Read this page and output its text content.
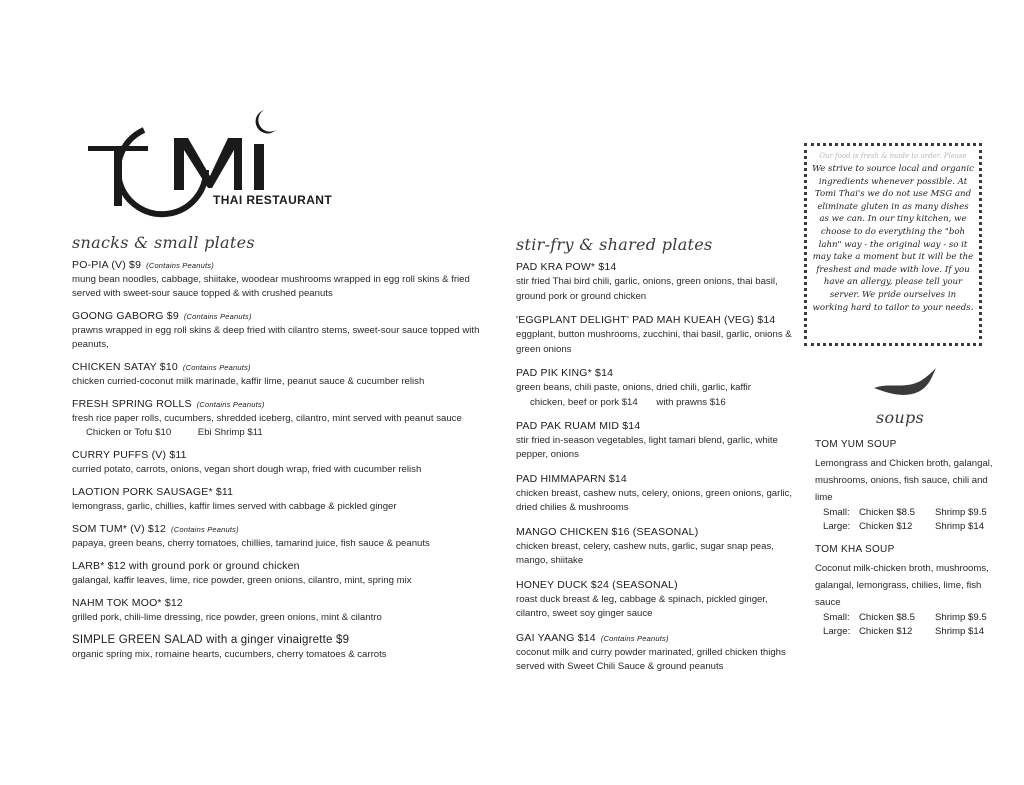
THAI RESTAURANT
snacks & small plates
PO-PIA (V) $9 (Contains Peanuts)
mung bean noodles, cabbage, shiitake, woodear mushrooms wrapped in egg roll skins & fried served with sweet-sour sauce topped & with crushed peanuts
GOONG GABORG $9 (Contains Peanuts)
prawns wrapped in egg roll skins & deep fried with cilantro stems, sweet-sour sauce topped with peanuts,
CHICKEN SATAY $10 (Contains Peanuts)
chicken curried-coconut milk marinade, kaffir lime, peanut sauce & cucumber relish
FRESH SPRING ROLLS (Contains Peanuts)
fresh rice paper rolls, cucumbers, shredded iceberg, cilantro, mint served with peanut sauce
Chicken or Tofu $10          Ebi Shrimp $11
CURRY PUFFS (V) $11
curried potato, carrots, onions, vegan short dough wrap, fried with cucumber relish
LAOTION PORK SAUSAGE* $11
lemongrass, garlic, chillies, kaffir limes served with cabbage & pickled ginger
SOM TUM* (V) $12 (Contains Peanuts)
papaya, green beans, cherry tomatoes, chillies, tamarind juice, fish sauce & peanuts
LARB* $12 with ground pork or ground chicken
galangal, kaffir leaves, lime, rice powder, green onions, cilantro, mint, spring mix
NAHM TOK MOO* $12
grilled pork, chili-lime dressing, rice powder, green onions, mint & cilantro
SIMPLE GREEN SALAD with a ginger vinaigrette $9
organic spring mix, romaine hearts, cucumbers, cherry tomatoes & carrots
stir-fry & shared plates
PAD KRA POW* $14
stir fried Thai bird chili, garlic, onions, green onions, thai basil, ground pork or ground chicken
'EGGPLANT DELIGHT' PAD MAH KUEAH (VEG) $14
eggplant, button mushrooms, zucchini, thai basil, garlic, onions & green onions
PAD PIK KING* $14
green beans, chili paste, onions, dried chili, garlic, kaffir
chicken, beef or pork $14       with prawns $16
PAD PAK RUAM MID $14
stir fried in-season vegetables, light tamari blend, garlic, white pepper, onions
PAD HIMMAPARN $14
chicken breast, cashew nuts, celery, onions, green onions, garlic, dried chilies & mushrooms
MANGO CHICKEN $16 (SEASONAL)
chicken breast, celery, cashew nuts, garlic, sugar snap peas, mango, shiitake
HONEY DUCK $24 (SEASONAL)
roast duck breast & leg, cabbage & spinach, pickled ginger, cilantro, sweet soy ginger sauce
GAI YAANG $14 (Contains Peanuts)
coconut milk and curry powder marinated, grilled chicken thighs served with Sweet Chili Sauce & ground peanuts
Our food is fresh & made to order. Please
We strive to source local and organic ingredients whenever possible. At Tomi Thai's we do not use MSG and eliminate gluten in as many dishes as we can. In our tiny kitchen, we choose to do everything the "boh lahn" way - the original way - so it may take a moment but it will be the freshest and made with love. If you have an allergy, please tell your server. We pride ourselves in working hard to tailor to your needs.
soups
TOM YUM SOUP
Lemongrass and Chicken broth, galangal, mushrooms, onions, fish sauce, chili and lime
Small: Chicken $8.5	Shrimp $9.5
Large: Chicken $12	Shrimp $14
TOM KHA SOUP
Coconut milk-chicken broth, mushrooms, galangal, lemongrass, chilies, lime, fish sauce
Small: Chicken $8.5	Shrimp $9.5
Large: Chicken $12	Shrimp $14
